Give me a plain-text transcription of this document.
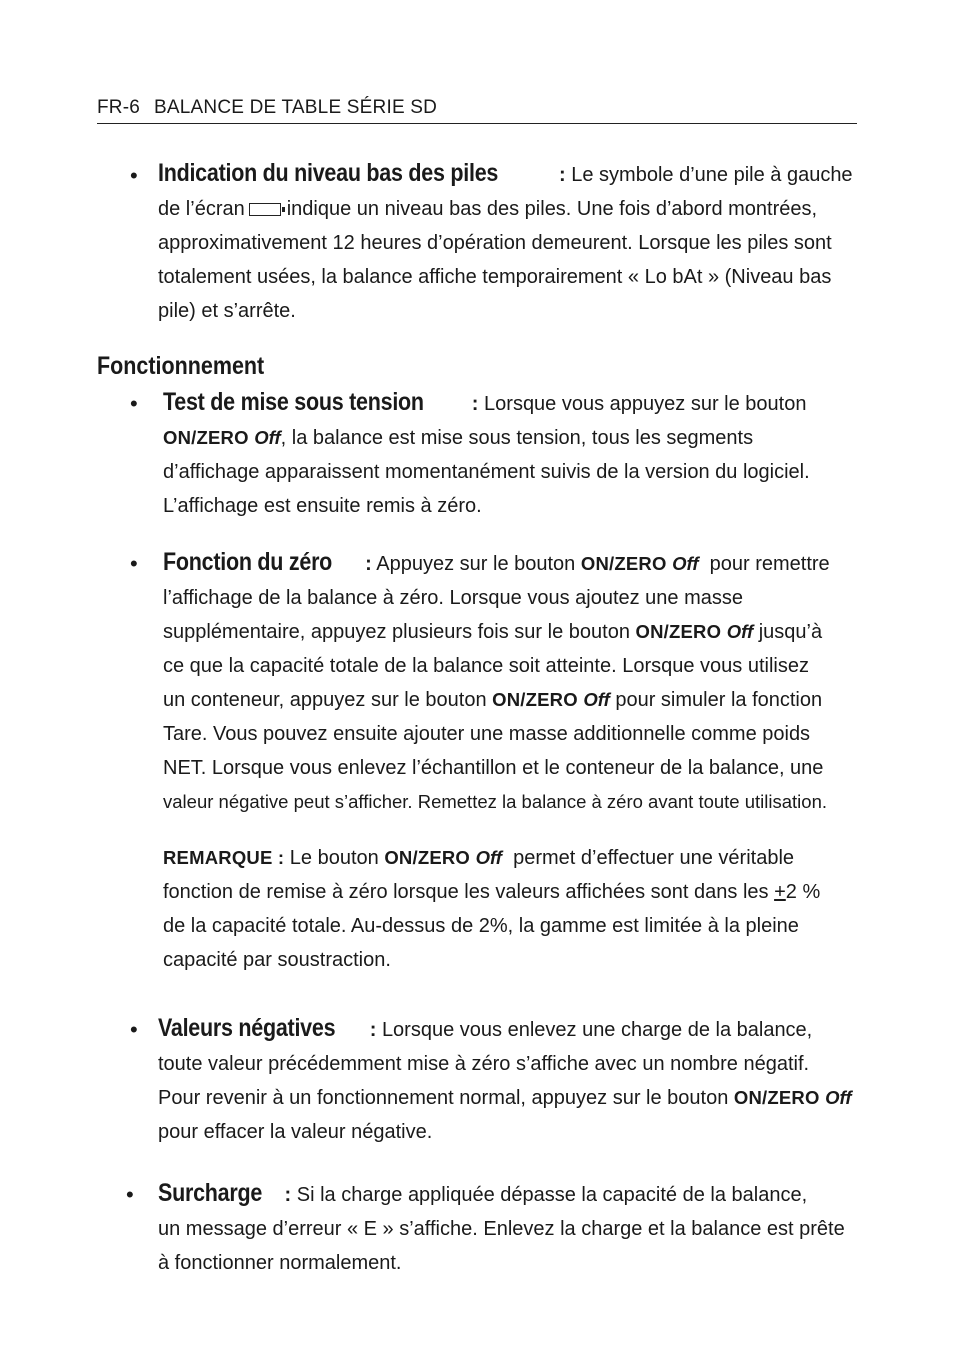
FR-6 BALANCE DE TABLE SÉRIE SD
• Indication du niveau bas des piles	: Le symbole d’une pile à gauche

de l’écran indique un niveau bas des piles. Une fois d’abord montrées,

approximativement 12 heures d’opération demeurent. Lorsque les piles sont

totalement usées, la balance affiche temporairement « Lo bAt » (Niveau bas

pile) et s’arrête.

Fonctionnement
• Test de mise sous tension : Lorsque vous appuyez sur le bouton

ON/ZERO Off, la balance est mise sous tension, tous les segments

d’affichage apparaissent momentanément suivis de la version du logiciel.

L’affichage est ensuite remis à zéro.

• Fonction du zéro : Appuyez sur le bouton ON/ZERO Off pour remettre

l’affichage de la balance à zéro. Lorsque vous ajoutez une masse

supplémentaire, appuyez plusieurs fois sur le bouton ON/ZERO Off jusqu’à

ce que la capacité totale de la balance soit atteinte. Lorsque vous utilisez

un conteneur, appuyez sur le bouton ON/ZERO Off pour simuler la fonction

Tare. Vous pouvez ensuite ajouter une masse additionnelle comme poids

NET. Lorsque vous enlevez l’échantillon et le conteneur de la balance, une

valeur négative peut s’afficher. Remettez la balance à zéro avant toute utilisation.

REMARQUE : Le bouton ON/ZERO Off permet d’effectuer une véritable

fonction de remise à zéro lorsque les valeurs affichées sont dans les +2 %

de la capacité totale. Au-dessus de 2%, la gamme est limitée à la pleine

capacité par soustraction.

• Valeurs négatives : Lorsque vous enlevez une charge de la balance,

toute valeur précédemment mise à zéro s’affiche avec un nombre négatif.

Pour revenir à un fonctionnement normal, appuyez sur le bouton ON/ZERO Off

pour effacer la valeur négative.

• Surcharge : Si la charge appliquée dépasse la capacité de la balance,

un message d’erreur « E » s’affiche. Enlevez la charge et la balance est prête

à fonctionner normalement.
